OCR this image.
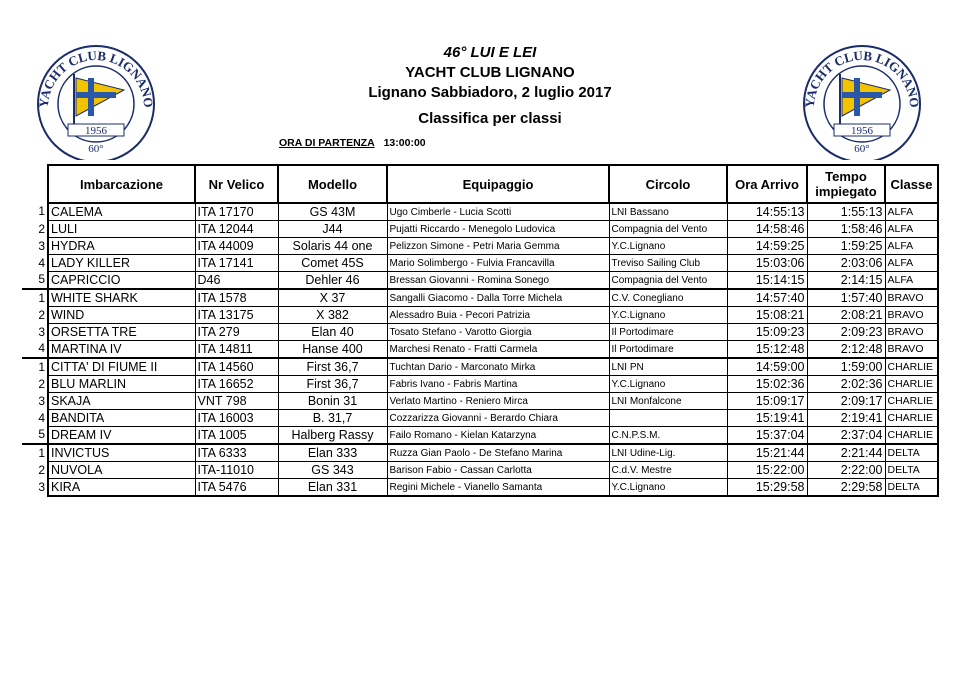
YACHT CLUB LIGNANO
1956
60°
YACHT CLUB LIGNANO
1956
60°
46° LUI E LEI
YACHT CLUB LIGNANO
Lignano Sabbiadoro, 2 luglio 2017
Classifica per classi
ORA DI PARTENZA 13:00:00
	Imbarcazione	Nr Velico	Modello	Equipaggio	Circolo	Ora Arrivo	Tempo impiegato	Classe
1	CALEMA	ITA 17170	GS 43M	Ugo Cimberle - Lucia Scotti	LNI Bassano	14:55:13	1:55:13	ALFA
2	LULI	ITA 12044	J44	Pujatti Riccardo - Menegolo Ludovica	Compagnia del Vento	14:58:46	1:58:46	ALFA
3	HYDRA	ITA 44009	Solaris 44 one	Pelizzon Simone - Petri Maria Gemma	Y.C.Lignano	14:59:25	1:59:25	ALFA
4	LADY KILLER	ITA 17141	Comet 45S	Mario Solimbergo - Fulvia Francavilla	Treviso Sailing Club	15:03:06	2:03:06	ALFA
5	CAPRICCIO	D46	Dehler 46	Bressan Giovanni - Romina Sonego	Compagnia del Vento	15:14:15	2:14:15	ALFA
1	WHITE SHARK	ITA 1578	X 37	Sangalli Giacomo - Dalla Torre Michela	C.V. Conegliano	14:57:40	1:57:40	BRAVO
2	WIND	ITA 13175	X 382	Alessadro Buia - Pecori Patrizia	Y.C.Lignano	15:08:21	2:08:21	BRAVO
3	ORSETTA TRE	ITA 279	Elan 40	Tosato Stefano - Varotto Giorgia	Il Portodimare	15:09:23	2:09:23	BRAVO
4	MARTINA IV	ITA 14811	Hanse 400	Marchesi Renato - Fratti Carmela	Il Portodimare	15:12:48	2:12:48	BRAVO
1	CITTA' DI FIUME II	ITA 14560	First 36,7	Tuchtan Dario - Marconato Mirka	LNI PN	14:59:00	1:59:00	CHARLIE
2	BLU MARLIN	ITA 16652	First 36,7	Fabris Ivano - Fabris Martina	Y.C.Lignano	15:02:36	2:02:36	CHARLIE
3	SKAJA	VNT 798	Bonin 31	Verlato Martino - Reniero Mirca	LNI Monfalcone	15:09:17	2:09:17	CHARLIE
4	BANDITA	ITA 16003	B. 31,7	Cozzarizza Giovanni - Berardo Chiara		15:19:41	2:19:41	CHARLIE
5	DREAM IV	ITA 1005	Halberg Rassy	Failo Romano - Kielan Katarzyna	C.N.P.S.M.	15:37:04	2:37:04	CHARLIE
1	INVICTUS	ITA 6333	Elan 333	Ruzza Gian Paolo - De Stefano Marina	LNI Udine-Lig.	15:21:44	2:21:44	DELTA
2	NUVOLA	ITA-11010	GS 343	Barison Fabio - Cassan Carlotta	C.d.V. Mestre	15:22:00	2:22:00	DELTA
3	KIRA	ITA 5476	Elan 331	Regini Michele - Vianello Samanta	Y.C.Lignano	15:29:58	2:29:58	DELTA
